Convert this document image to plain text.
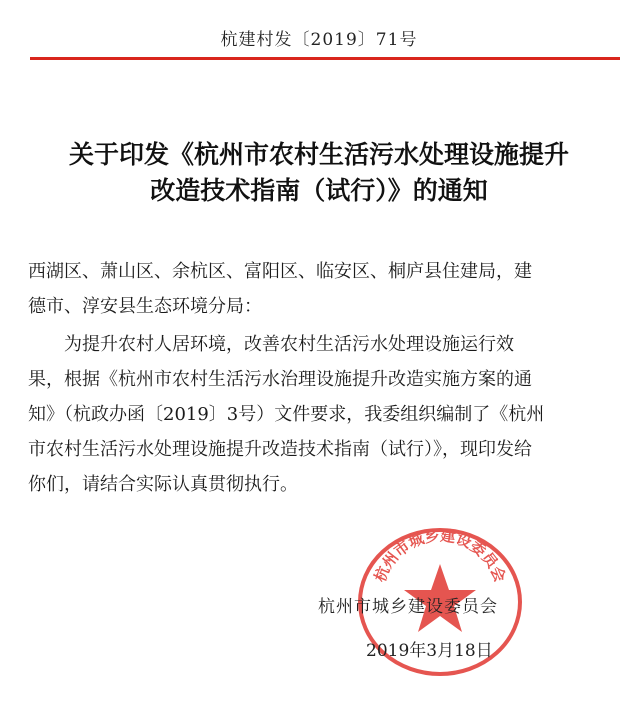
杭建村发〔2019〕71号
关于印发《杭州市农村生活污水处理设施提升
改造技术指南（试行）》的通知
西湖区、萧山区、余杭区、富阳区、临安区、桐庐县住建局，建
德市、淳安县生态环境分局：
为提升农村人居环境，改善农村生活污水处理设施运行效
果，根据《杭州市农村生活污水治理设施提升改造实施方案的通
知》（杭政办函〔2019〕3号）文件要求，我委组织编制了《杭州
市农村生活污水处理设施提升改造技术指南（试行）》，现印发给
你们，请结合实际认真贯彻执行。
杭州市城乡建设委员会
杭州市城乡建设委员会
2019年3月18日
